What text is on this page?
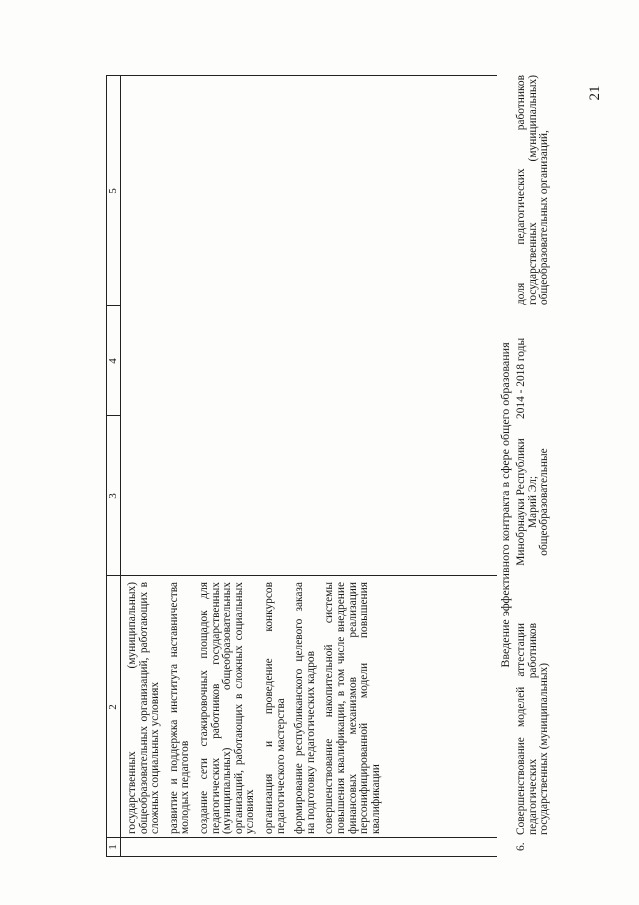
21
1
2
3
4
5
государственных (муниципальных) общеобразовательных организаций, работающих в сложных социальных условиях развитие и поддержка института наставничества молодых педагогов создание сети стажировочных площадок для педагогических работников государственных (муниципальных) общеобразовательных организаций, работающих в сложных социальных условиях организация и проведение конкурсов педагогического мастерства формирование республиканского целевого заказа на подготовку педагогических кадров совершенствование накопительной системы повышения квалификации, в том числе внедрение финансовых механизмов реализации персонифицированной модели повышения квалификации
Введение эффективного контракта в сфере общего образования
6.
Совершенствование моделей аттестации педагогических работников государственных (муниципальных)
Минобрнауки Республики Марий Эл; общеобразовательные
2014 - 2018 годы
доля педагогических работников государственных (муниципальных) общеобразовательных организаций,
